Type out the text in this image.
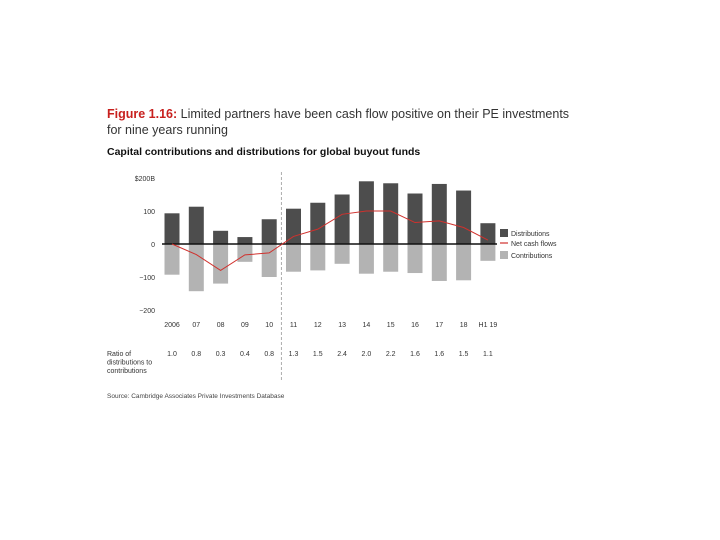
Figure 1.16: Limited partners have been cash flow positive on their PE investments for nine years running
Capital contributions and distributions for global buyout funds
$200B
100
0
−100
−200
2006 07 08 09 10 11 12 13 14 15 16 17 18 H1 19
Ratio of distributions to contributions
1.0 0.8 0.3 0.4 0.8 1.3 1.5 2.4 2.0 2.2 1.6 1.6 1.5 1.1
Distributions
Net cash flows
Contributions
Source: Cambridge Associates Private Investments Database
